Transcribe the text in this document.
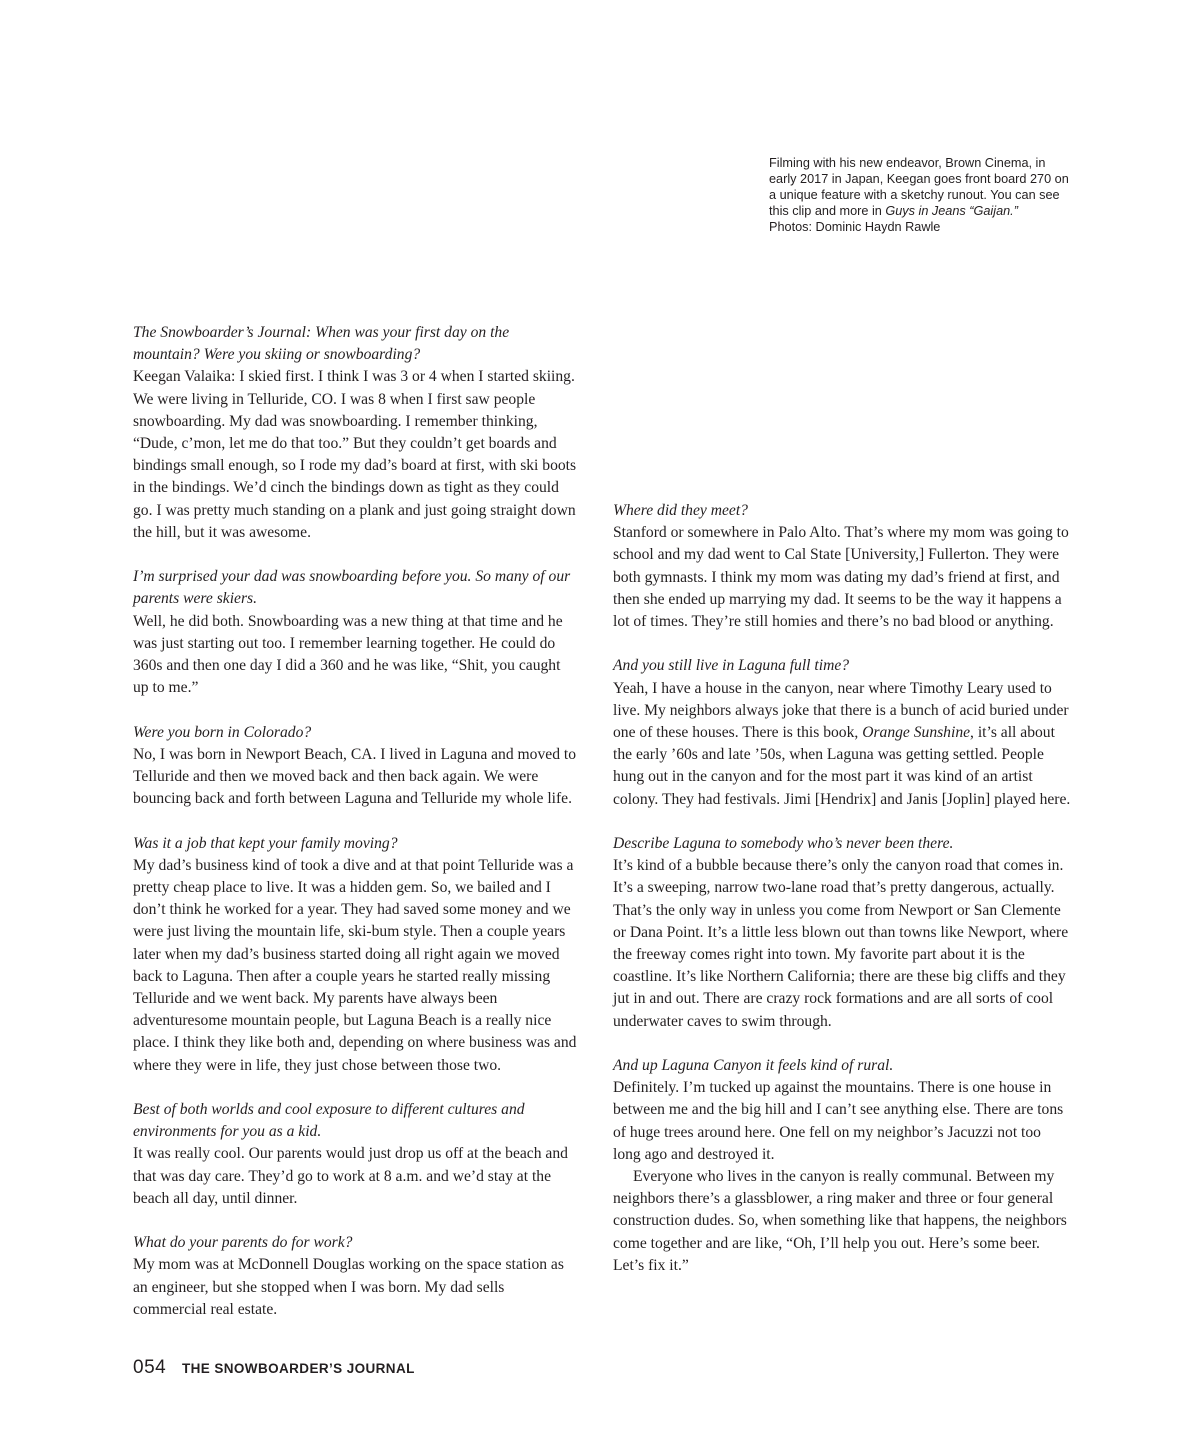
Filming with his new endeavor, Brown Cinema, in early 2017 in Japan, Keegan goes front board 270 on a unique feature with a sketchy runout. You can see this clip and more in Guys in Jeans “Gaijan.”

Photos: Dominic Haydn Rawle

The Snowboarder’s Journal: When was your first day on the mountain? Were you skiing or snowboarding?

Keegan Valaika: I skied first. I think I was 3 or 4 when I started skiing. We were living in Telluride, CO. I was 8 when I first saw people snowboarding. My dad was snowboarding. I remember thinking, “Dude, c’mon, let me do that too.” But they couldn’t get boards and bindings small enough, so I rode my dad’s board at first, with ski boots in the bindings. We’d cinch the bindings down as tight as they could go. I was pretty much standing on a plank and just going straight down the hill, but it was awesome.

I’m surprised your dad was snowboarding before you. So many of our parents were skiers.

Well, he did both. Snowboarding was a new thing at that time and he was just starting out too. I remember learning together. He could do 360s and then one day I did a 360 and he was like, “Shit, you caught up to me.”

Were you born in Colorado?

No, I was born in Newport Beach, CA. I lived in Laguna and moved to Telluride and then we moved back and then back again. We were bouncing back and forth between Laguna and Telluride my whole life.

Was it a job that kept your family moving?

My dad’s business kind of took a dive and at that point Telluride was a pretty cheap place to live. It was a hidden gem. So, we bailed and I don’t think he worked for a year. They had saved some money and we were just living the mountain life, ski-bum style. Then a couple years later when my dad’s business started doing all right again we moved back to Laguna. Then after a couple years he started really missing Telluride and we went back. My parents have always been adventuresome mountain people, but Laguna Beach is a really nice place. I think they like both and, depending on where business was and where they were in life, they just chose between those two.

Best of both worlds and cool exposure to different cultures and environments for you as a kid.

It was really cool. Our parents would just drop us off at the beach and that was day care. They’d go to work at 8 a.m. and we’d stay at the beach all day, until dinner.

What do your parents do for work?

My mom was at McDonnell Douglas working on the space station as an engineer, but she stopped when I was born. My dad sells commercial real estate.

Where did they meet?

Stanford or somewhere in Palo Alto. That’s where my mom was going to school and my dad went to Cal State [University,] Fullerton. They were both gymnasts. I think my mom was dating my dad’s friend at first, and then she ended up marrying my dad. It seems to be the way it happens a lot of times. They’re still homies and there’s no bad blood or anything.

And you still live in Laguna full time?

Yeah, I have a house in the canyon, near where Timothy Leary used to live. My neighbors always joke that there is a bunch of acid buried under one of these houses. There is this book, Orange Sunshine, it’s all about the early ’60s and late ’50s, when Laguna was getting settled. People hung out in the canyon and for the most part it was kind of an artist colony. They had festivals. Jimi [Hendrix] and Janis [Joplin] played here.

Describe Laguna to somebody who’s never been there.

It’s kind of a bubble because there’s only the canyon road that comes in. It’s a sweeping, narrow two-lane road that’s pretty dangerous, actually. That’s the only way in unless you come from Newport or San Clemente or Dana Point. It’s a little less blown out than towns like Newport, where the freeway comes right into town. My favorite part about it is the coastline. It’s like Northern California; there are these big cliffs and they jut in and out. There are crazy rock formations and are all sorts of cool underwater caves to swim through.

And up Laguna Canyon it feels kind of rural.

Definitely. I’m tucked up against the mountains. There is one house in between me and the big hill and I can’t see anything else. There are tons of huge trees around here. One fell on my neighbor’s Jacuzzi not too long ago and destroyed it.

Everyone who lives in the canyon is really communal. Between my neighbors there’s a glassblower, a ring maker and three or four general construction dudes. So, when something like that happens, the neighbors come together and are like, “Oh, I’ll help you out. Here’s some beer. Let’s fix it.”

054 THE SNOWBOARDER’S JOURNAL
